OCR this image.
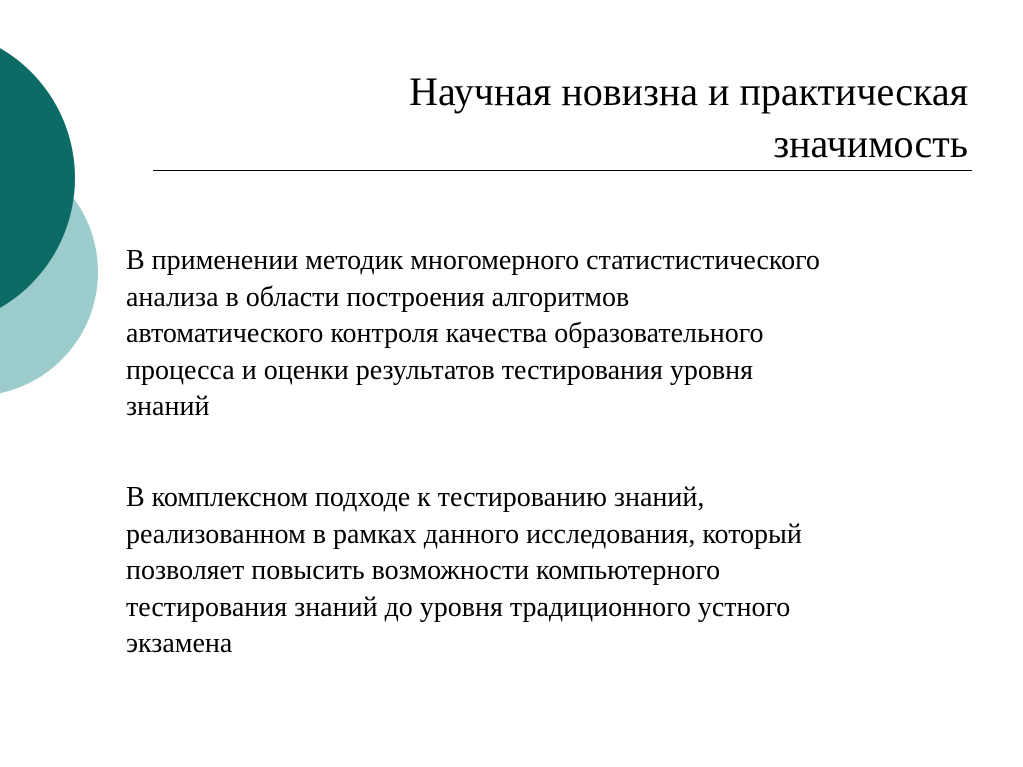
Научная новизна и практическая
значимость

В применении методик многомерного статистистического
анализа в области построения алгоритмов
автоматического контроля качества образовательного
процесса и оценки результатов тестирования уровня
знаний

В комплексном подходе к тестированию знаний,
реализованном в рамках данного исследования, который
позволяет повысить возможности компьютерного
тестирования знаний до уровня традиционного устного
экзамена
